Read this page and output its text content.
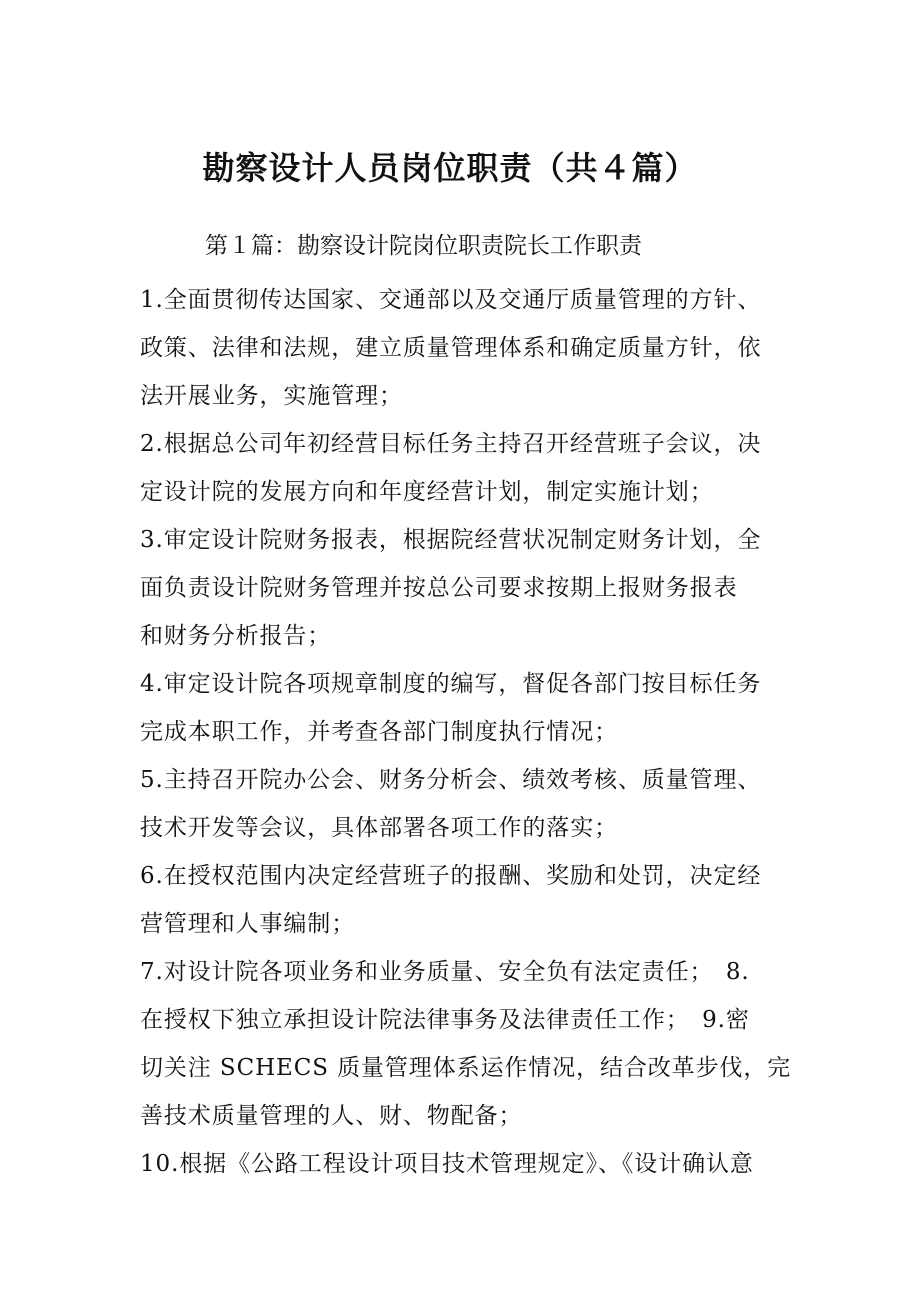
勘察设计人员岗位职责（共４篇）
第１篇：勘察设计院岗位职责院长工作职责
1.全面贯彻传达国家、交通部以及交通厅质量管理的方针、
政策、法律和法规，建立质量管理体系和确定质量方针，依
法开展业务，实施管理；
2.根据总公司年初经营目标任务主持召开经营班子会议，决
定设计院的发展方向和年度经营计划，制定实施计划；
3.审定设计院财务报表，根据院经营状况制定财务计划，全
面负责设计院财务管理并按总公司要求按期上报财务报表
和财务分析报告；
4.审定设计院各项规章制度的编写，督促各部门按目标任务
完成本职工作，并考查各部门制度执行情况；
5.主持召开院办公会、财务分析会、绩效考核、质量管理、
技术开发等会议，具体部署各项工作的落实；
6.在授权范围内决定经营班子的报酬、奖励和处罚，决定经
营管理和人事编制；
7.对设计院各项业务和业务质量、安全负有法定责任；　8.
在授权下独立承担设计院法律事务及法律责任工作；　9.密
切关注 SCHECS 质量管理体系运作情况，结合改革步伐，完
善技术质量管理的人、财、物配备；
10.根据《公路工程设计项目技术管理规定》、《设计确认意
